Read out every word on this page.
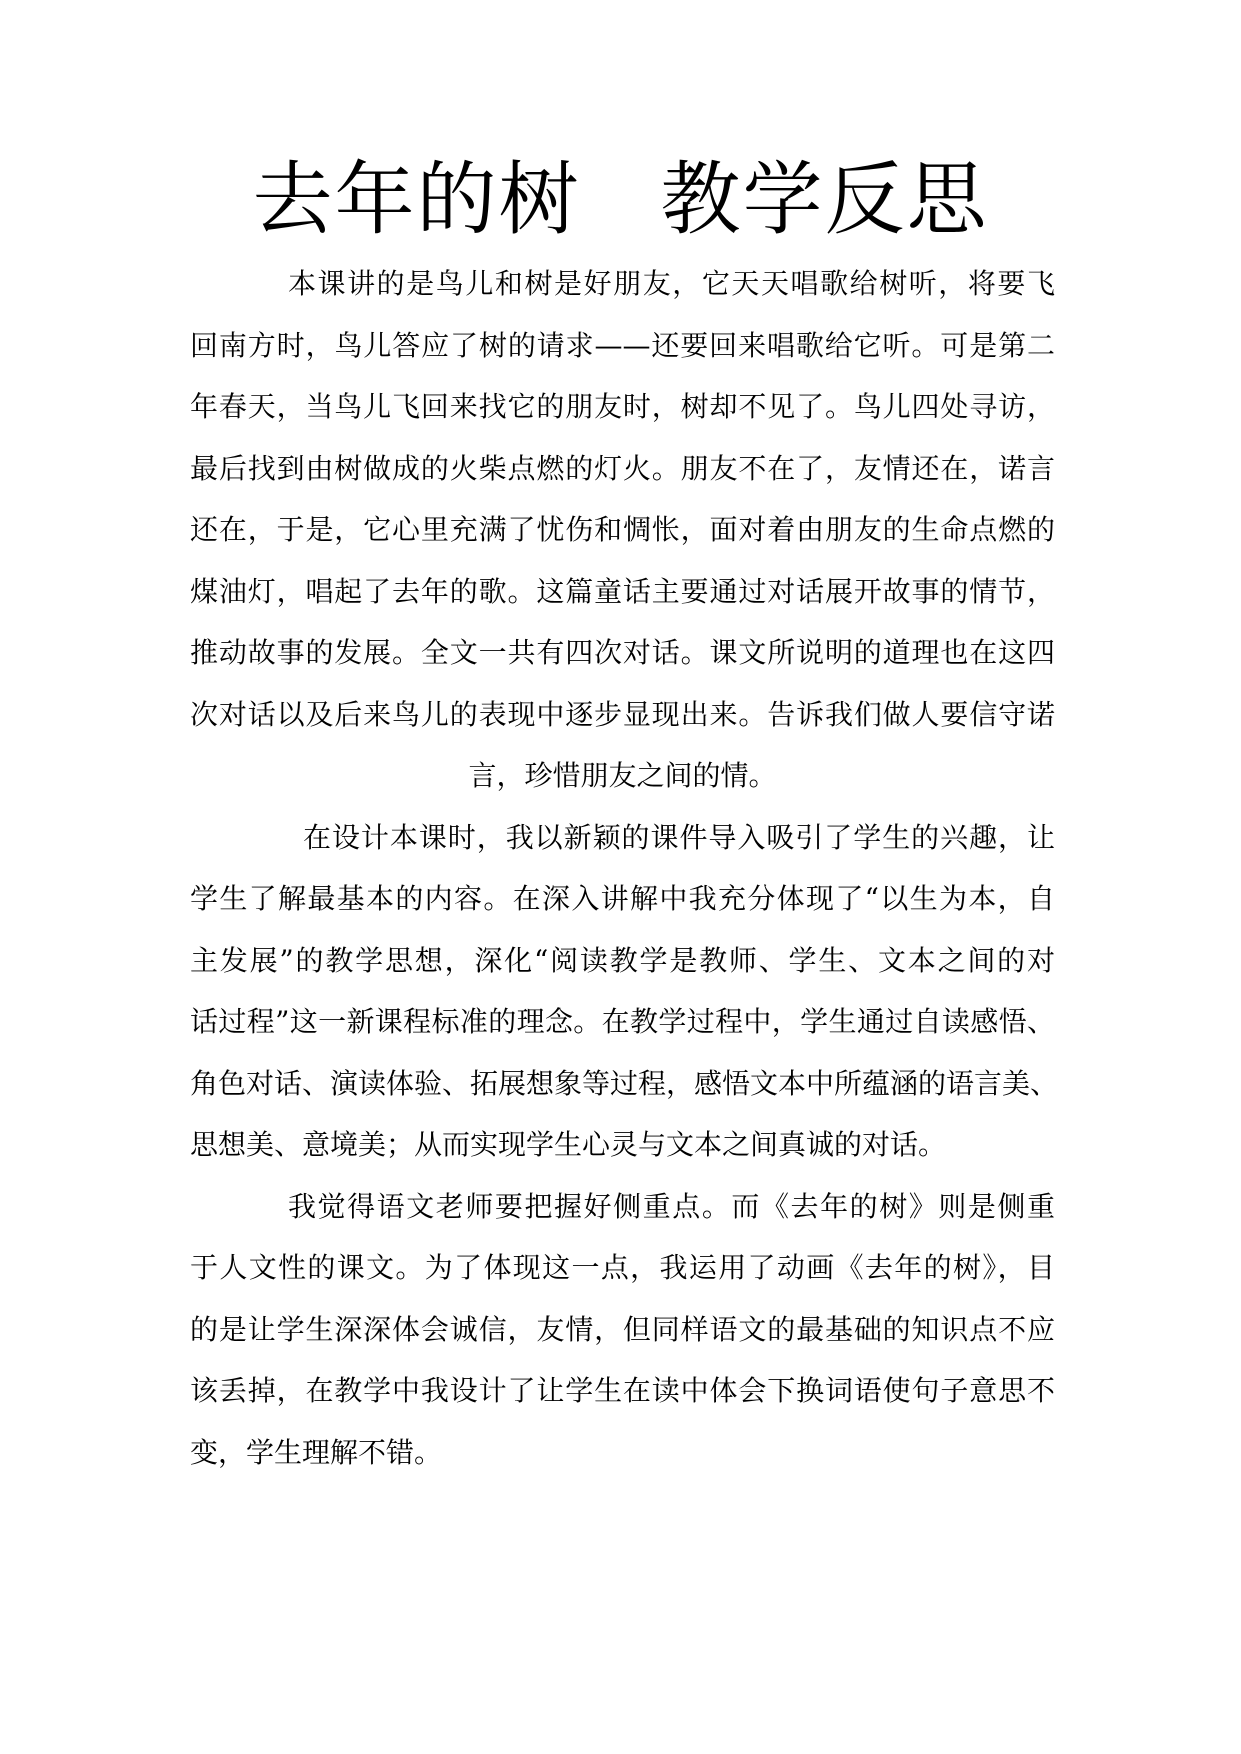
去年的树 教学反思
本课讲的是鸟儿和树是好朋友，它天天唱歌给树听，将要飞
回南方时，鸟儿答应了树的请求——还要回来唱歌给它听。可是第二
年春天，当鸟儿飞回来找它的朋友时，树却不见了。鸟儿四处寻访，
最后找到由树做成的火柴点燃的灯火。朋友不在了，友情还在，诺言
还在，于是，它心里充满了忧伤和惆怅，面对着由朋友的生命点燃的
煤油灯，唱起了去年的歌。这篇童话主要通过对话展开故事的情节，
推动故事的发展。全文一共有四次对话。课文所说明的道理也在这四
次对话以及后来鸟儿的表现中逐步显现出来。告诉我们做人要信守诺
言，珍惜朋友之间的情。
在设计本课时，我以新颖的课件导入吸引了学生的兴趣，让
学生了解最基本的内容。在深入讲解中我充分体现了“以生为本，自
主发展”的教学思想，深化“阅读教学是教师、学生、文本之间的对
话过程”这一新课程标准的理念。在教学过程中，学生通过自读感悟、
角色对话、演读体验、拓展想象等过程，感悟文本中所蕴涵的语言美、
思想美、意境美；从而实现学生心灵与文本之间真诚的对话。
我觉得语文老师要把握好侧重点。而《去年的树》则是侧重
于人文性的课文。为了体现这一点，我运用了动画《去年的树》，目
的是让学生深深体会诚信，友情，但同样语文的最基础的知识点不应
该丢掉，在教学中我设计了让学生在读中体会下换词语使句子意思不
变，学生理解不错。
